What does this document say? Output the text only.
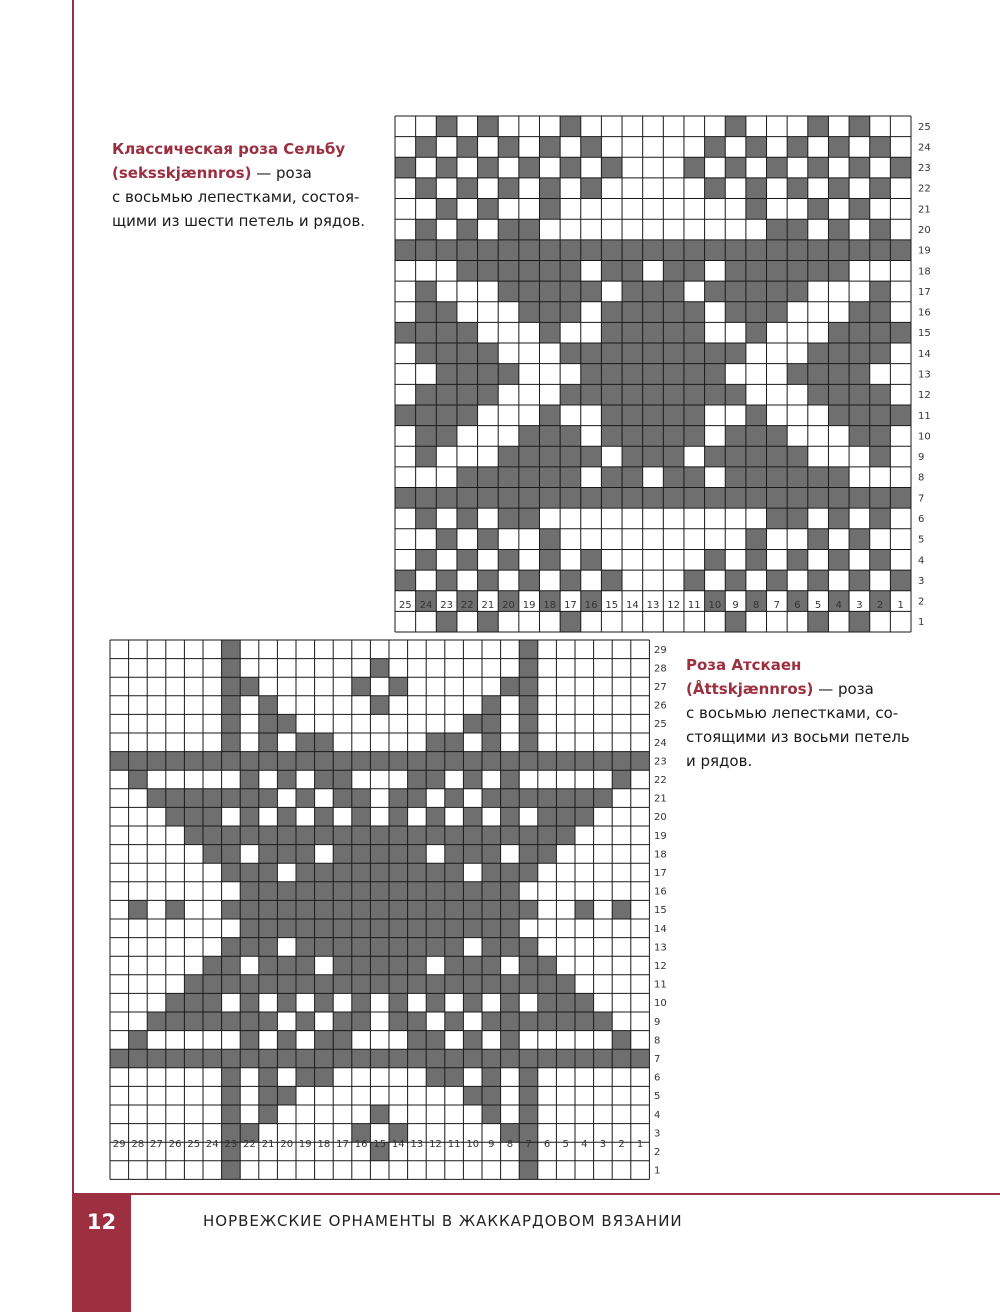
12	НОРВЕЖСКИЕ ОРНАМЕНТЫ В ЖАККАРДОВОМ ВЯЗАНИИ
Классическая роза Сельбу
(seksskjænnros) — роза
с восьмью лепестками, состоя-
щими из шести петель и рядов.
Роза Атскаен
(Åttskjænnros) — роза
с восьмью лепестками, со-
стоящими из восьми петель
и рядов.
25
24
23
22
21
20
19
18
17
16
15
14
13
12
11
10
9
8
7
6
5
4
3
2
1
25 24 23 22 21 20 19 18 17 16 15 14 13 12 11 10 9 8 7 6 5 4 3 2 1
29
28
27
26
25
24
23
22
21
20
19
18
17
16
15
14
13
12
11
10
9
8
7
6
5
4
3
2
1
29 28 27 26 25 24 23 22 21 20 19 18 17 16 15 14 13 12 11 10 9 8 7 6 5 4 3 2 1
